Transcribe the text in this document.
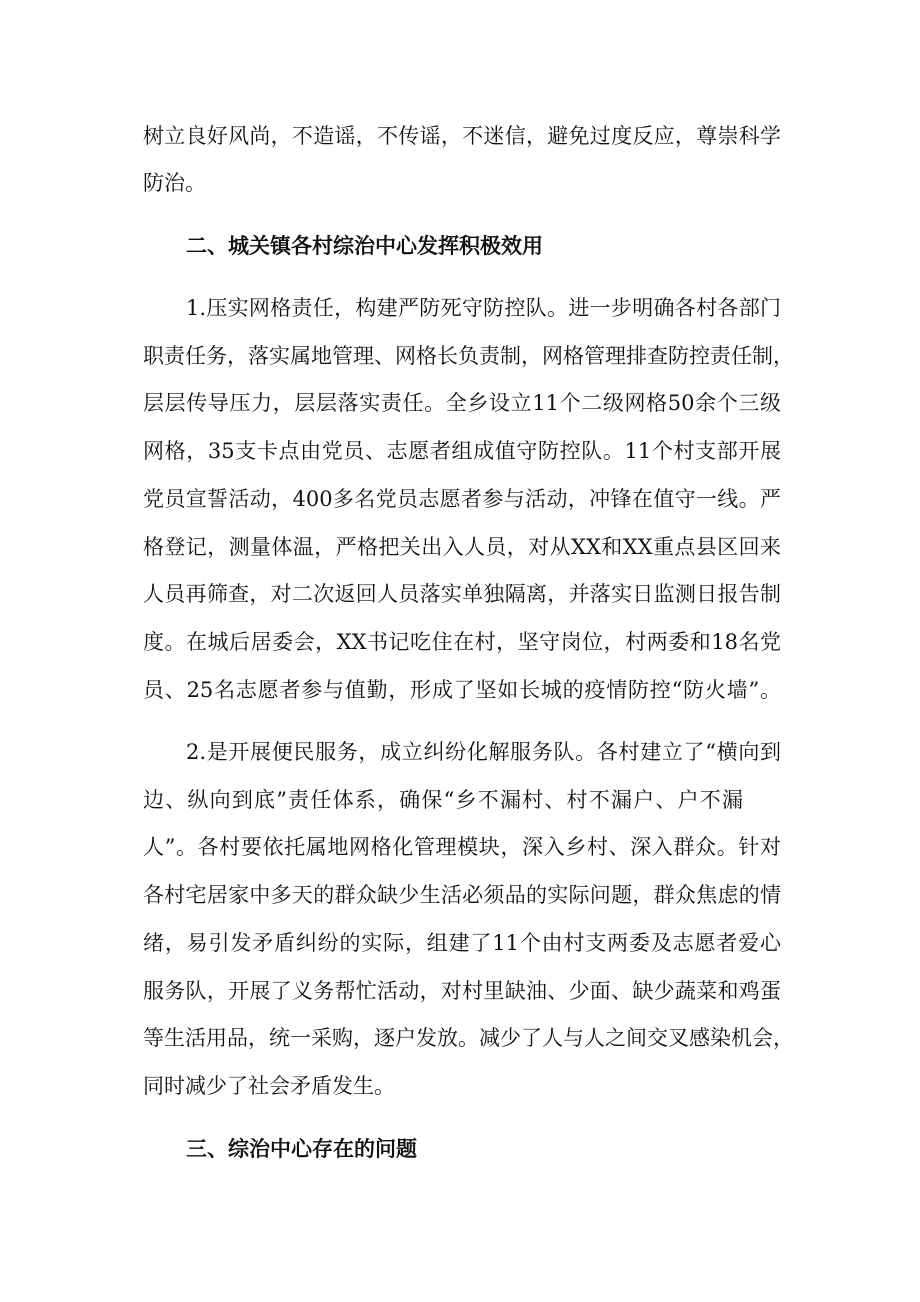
树立良好风尚，不造谣，不传谣，不迷信，避免过度反应，尊崇科学
防治。
二、城关镇各村综治中心发挥积极效用
1.压实网格责任，构建严防死守防控队。进一步明确各村各部门
职责任务，落实属地管理、网格长负责制，网格管理排查防控责任制，
层层传导压力，层层落实责任。全乡设立11个二级网格50余个三级
网格，35支卡点由党员、志愿者组成值守防控队。11个村支部开展
党员宣誓活动，400多名党员志愿者参与活动，冲锋在值守一线。严
格登记，测量体温，严格把关出入人员，对从XX和XX重点县区回来
人员再筛查，对二次返回人员落实单独隔离，并落实日监测日报告制
度。在城后居委会，XX书记吃住在村，坚守岗位，村两委和18名党
员、25名志愿者参与值勤，形成了坚如长城的疫情防控“防火墙”。
2.是开展便民服务，成立纠纷化解服务队。各村建立了“横向到
边、纵向到底”责任体系，确保“乡不漏村、村不漏户、户不漏
人”。各村要依托属地网格化管理模块，深入乡村、深入群众。针对
各村宅居家中多天的群众缺少生活必须品的实际问题，群众焦虑的情
绪，易引发矛盾纠纷的实际，组建了11个由村支两委及志愿者爱心
服务队，开展了义务帮忙活动，对村里缺油、少面、缺少蔬菜和鸡蛋
等生活用品，统一采购，逐户发放。减少了人与人之间交叉感染机会，
同时减少了社会矛盾发生。
三、综治中心存在的问题
